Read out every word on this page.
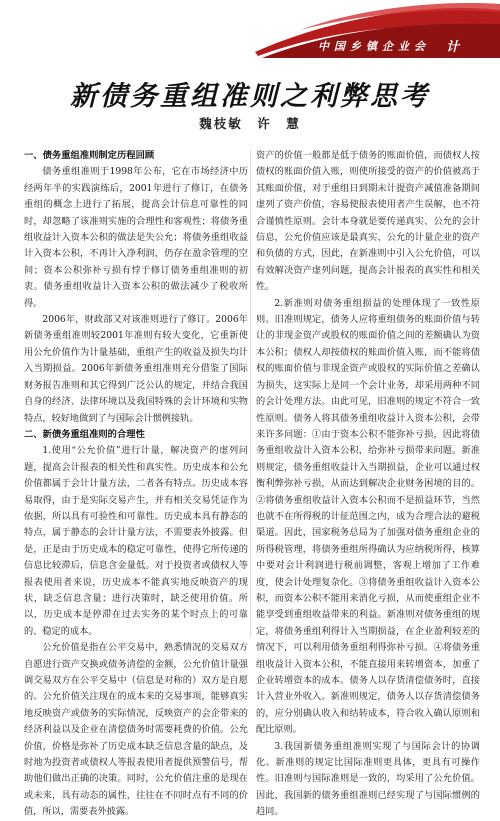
中国乡镇企业会 计
新债务重组准则之利弊思考
魏枝敏　许　慧
一、债务重组准则制定历程回顾

债务重组准则于1998年公布，它在市场经济中历经两年半的实践演练后，2001年进行了修订，在债务重组的概念上进行了拓展，提高会计信息可靠性的同时，却忽略了该准则实施的合理性和客观性；将债务重组收益计入资本公积的做法是失公允；将债务重组收益计入资本公积，不再计入净利润，仍存在盈余管理的空间；资本公积弥补亏损有悖于修订债务重组准则的初衷。债务重组收益计入资本公积的做法减少了税收所得。

2006年，财政部又对该准则进行了修订。2006年新债务重组准则较2001年准则有较大变化，它重新使用公允价值作为计量基础，重组产生的收益及损失均计入当期损益。2006年新债务重组准则充分借鉴了国际财务报告准则和其它得到广泛公认的规定，并结合我国自身的经济、法律环境以及我国特殊的会计环境和实物特点，较好地做到了与国际会计惯例接轨。

二、新债务重组准则的合理性

1.使用“公允价值”进行计量，解决资产的虚列问题，提高会计报表的相关性和真实性。历史成本和公允价值都属于会计计量方法，二者各有特点。历史成本容易取得，由于是实际交易产生，并有相关交易凭证作为依据，所以具有可验性和可靠性。历史成本具有静态的特点，属于静态的会计计量方法，不需要表外披露。但是，正是由于历史成本的稳定可靠性，使得它所传递的信息比较滞后，信息含金量低。对于投资者或债权人等报表使用者来说，历史成本不能真实地反映资产的现状，缺乏信息含量；进行决策时，缺乏使用价值。所以，历史成本是停滞在过去实务的某个时点上的可靠的、稳定的成本。

公允价值是指在公平交易中，熟悉情况的交易双方自愿进行资产交换或债务清偿的金额，公允价值计量强调交易双方在公平交易中（信息是对称的）双方是自愿的。公允价值关注现在的成本来的交易事项，能够真实地反映资产或债务的实际情况，反映资产的会企带来的经济利益以及企业在清偿债务时需要耗费的价值。公允价值，价格是弥补了历史成本缺乏信息含量的缺点，及时地为投资者或债权人等报表使用者提供预警信号，帮助他们做出正确的决策。同时，公允价值注重的是现在或未来，具有动态的属性，往往在不同时点有不同的价值，所以，需要表外披露。

资产的价值一般都是低于债务的账面价值，而债权人按债权的账面价值入账，则使所接受的资产的价值被高于其账面价值，对于重组日到期未计提资产减值准备期间虚列了资产价值，容易使报表使用者产生误解，也不符合谨慎性原则。会计本身就是要传递真实、公允的会计信息，公允价值应该是最真实、公允的计量企业的资产和负债的方式，因此，在新准则中引入公允价值，可以有效解决资产虚列问题，提高会计报表的真实性和相关性。

2.新准则对债务重组损益的处理体现了一致性原则。旧准则规定，债务人应将重组债务的账面价值与转让的非现金资产或股权的账面价值之间的差额确认为资本公积；债权人却按债权的账面价值入账，而不能将债权的账面价值与非现金资产或股权的实际价值之差确认为损失，这实际上是同一个会计业务，却采用两种不同的会计处理方法。由此可见，旧准则的规定不符合一致性原则。债务人将其债务重组收益计入资本公积，会带来许多问题：①由于资本公积不能弥补亏损，因此将债务重组收益计入资本公积，给弥补亏损带来问题。新准则规定，债务重组收益计入当期损益，企业可以通过权衡利弊弥补亏损，从而达到解决企业财务困境的目的。②将债务重组收益计入资本公积而不是损益环节，当然也就不在所得税的计征范围之内，成为合理合法的避税渠道。因此，国家税务总局为了加强对债务重组企业的所得税管理，将债务重组所得确认为应纳税所得，核算中要对会计利润进行税前调整，客观上增加了工作难度，使会计处理复杂化。③将债务重组收益计入资本公积，而资本公积不能用来消化亏损，从而使重组企业不能享受到重组收益带来的利益。新准则对债务重组的规定，将债务重组利得计入当期损益，在企业盈利较差的情况下，可以利用债务重组利得弥补亏损。④将债务重组收益计入资本公积，不能直接用来转增资本，加重了企业转增资本的成本。债务人以存货清偿债务时，直接计入营业外收入。新准则规定，债务人以存货清偿债务的，应分别确认收入和结转成本，符合收入确认原则和配比原则。

3.我国新债务重组准则实现了与国际会计的协调化。新准则的规定比国际准则更具体，更具有可操作性。旧准则与国际准则是一致的，均采用了公允价值。因此，我国新的债务重组准则已经实现了与国际惯例的趋同。
